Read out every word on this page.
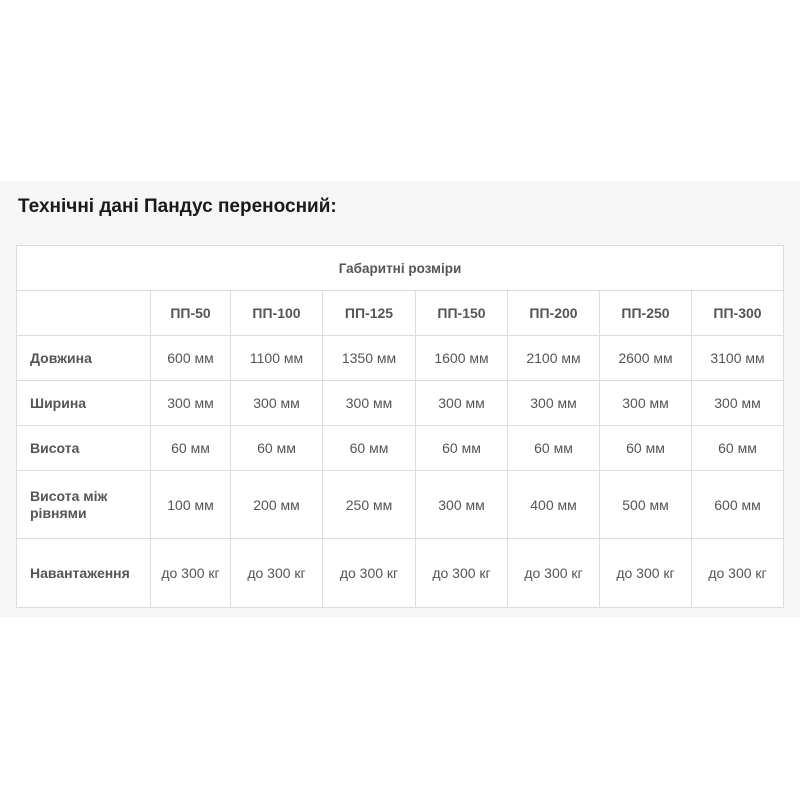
Технічні дані Пандус переносний:
Габаритні розміри							
	ПП-50	ПП-100	ПП-125	ПП-150	ПП-200	ПП-250	ПП-300
Довжина	600 мм	1100 мм	1350 мм	1600 мм	2100 мм	2600 мм	3100 мм
Ширина	300 мм	300 мм	300 мм	300 мм	300 мм	300 мм	300 мм
Висота	60 мм	60 мм	60 мм	60 мм	60 мм	60 мм	60 мм
Висота між рівнями	100 мм	200 мм	250 мм	300 мм	400 мм	500 мм	600 мм
Навантаження	до 300 кг	до 300 кг	до 300 кг	до 300 кг	до 300 кг	до 300 кг	до 300 кг
